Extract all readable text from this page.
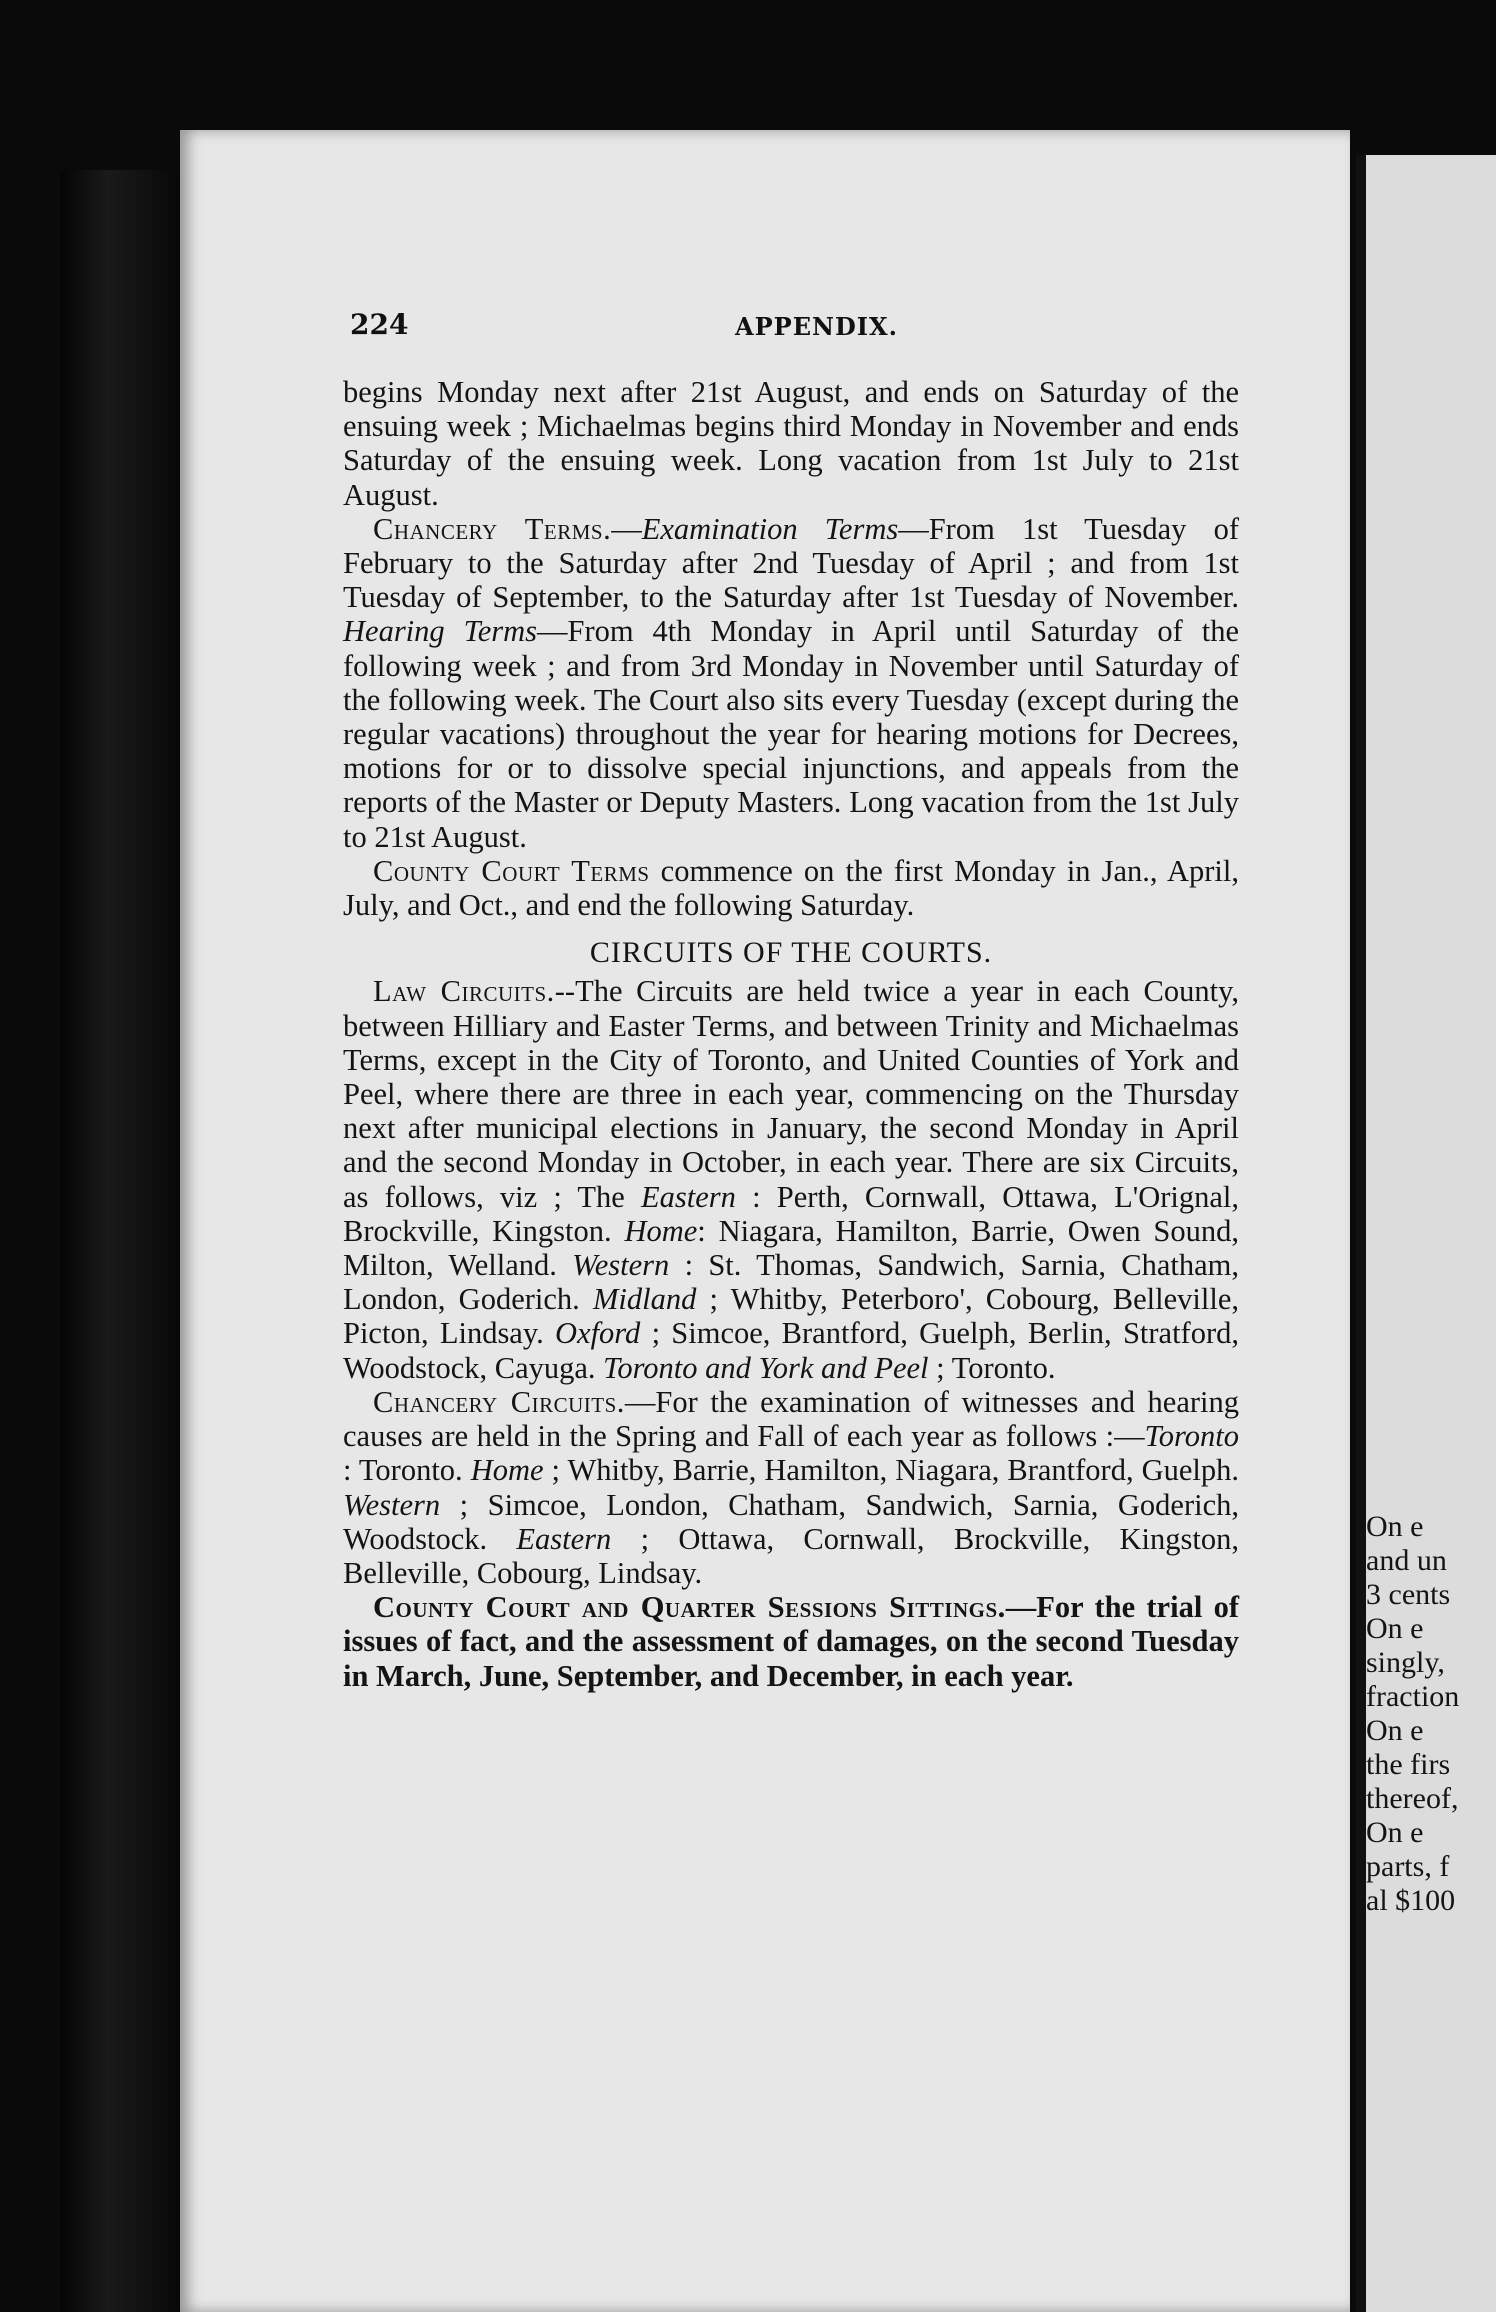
224	APPENDIX.

begins Monday next after 21st August, and ends on Saturday of the ensuing week ; Michaelmas begins third Monday in November and ends Saturday of the ensuing week. Long vacation from 1st July to 21st August.

Chancery Terms.—Examination Terms—From 1st Tuesday of February to the Saturday after 2nd Tuesday of April ; and from 1st Tuesday of September, to the Saturday after 1st Tuesday of November. Hearing Terms—From 4th Monday in April until Saturday of the following week ; and from 3rd Monday in November until Saturday of the following week. The Court also sits every Tuesday (except during the regular vacations) throughout the year for hearing motions for Decrees, motions for or to dissolve special injunctions, and appeals from the reports of the Master or Deputy Masters. Long vacation from the 1st July to 21st August.

County Court Terms commence on the first Monday in Jan., April, July, and Oct., and end the following Saturday.

CIRCUITS OF THE COURTS.

Law Circuits.--The Circuits are held twice a year in each County, between Hilliary and Easter Terms, and between Trinity and Michaelmas Terms, except in the City of Toronto, and United Counties of York and Peel, where there are three in each year, commencing on the Thursday next after municipal elections in January, the second Monday in April and the second Monday in October, in each year. There are six Circuits, as follows, viz ; The Eastern : Perth, Cornwall, Ottawa, L'Orignal, Brockville, Kingston. Home: Niagara, Hamilton, Barrie, Owen Sound, Milton, Welland. Western : St. Thomas, Sandwich, Sarnia, Chatham, London, Goderich. Midland ; Whitby, Peterboro', Cobourg, Belleville, Picton, Lindsay. Oxford ; Simcoe, Brantford, Guelph, Berlin, Stratford, Woodstock, Cayuga. Toronto and York and Peel ; Toronto.

Chancery Circuits.—For the examination of witnesses and hearing causes are held in the Spring and Fall of each year as follows :—Toronto : Toronto. Home ; Whitby, Barrie, Hamilton, Niagara, Brantford, Guelph. Western ; Simcoe, London, Chatham, Sandwich, Sarnia, Goderich, Woodstock. Eastern ; Ottawa, Cornwall, Brockville, Kingston, Belleville, Cobourg, Lindsay.

County Court and Quarter Sessions Sittings.—For the trial of issues of fact, and the assessment of damages, on the second Tuesday in March, June, September, and December, in each year.

On e
and un
3 cents
On e
singly,
fraction
On e
the firs
thereof,
On e
parts, f
al $100
